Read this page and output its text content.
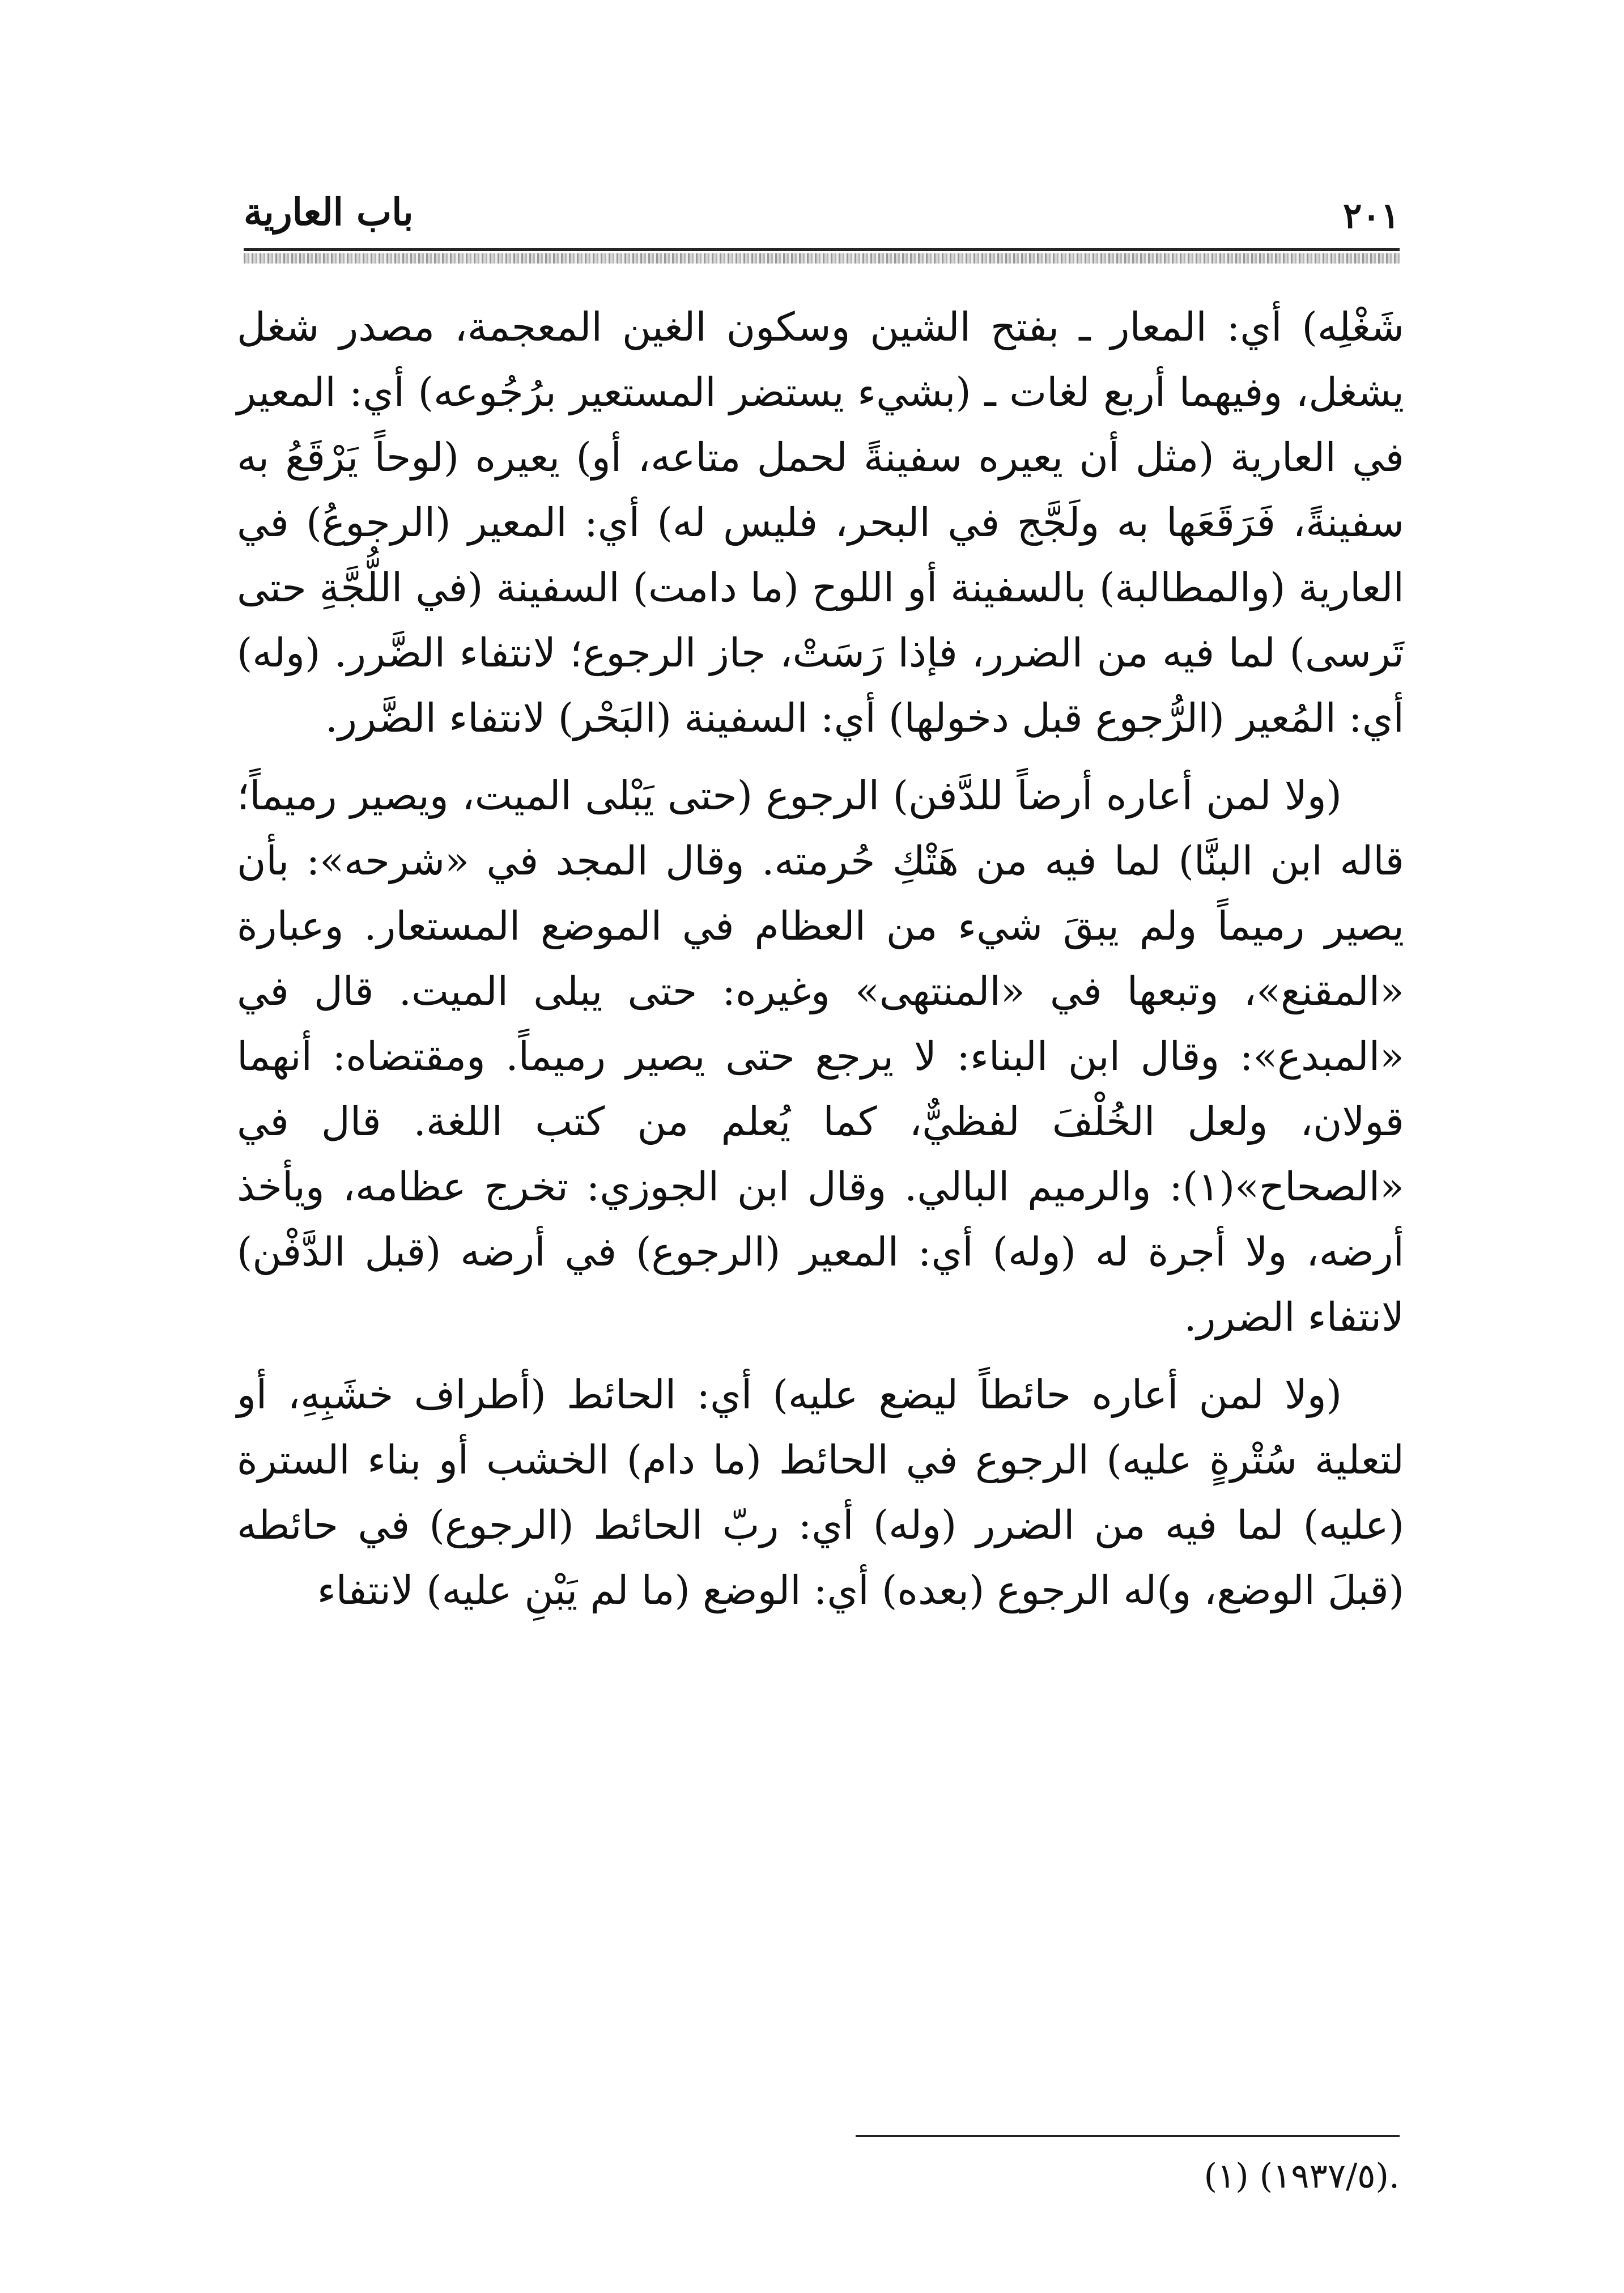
٢٠١
باب العارية

شَغْلِه) أي: المعار ـ بفتح الشين وسكون الغين المعجمة، مصدر شغل يشغل، وفيهما أربع لغات ـ (بشيء يستضر المستعير برُجُوعه) أي: المعير في العارية (مثل أن يعيره سفينةً لحمل متاعه، أو) يعيره (لوحاً يَرْقَعُ به سفينةً، فَرَقَعَها به ولَجَّج في البحر، فليس له) أي: المعير (الرجوعُ) في العارية (والمطالبة) بالسفينة أو اللوح (ما دامت) السفينة (في اللُّجَّةِ حتى تَرسى) لما فيه من الضرر، فإذا رَسَتْ، جاز الرجوع؛ لانتفاء الضَّرر. (وله) أي: المُعير (الرُّجوع قبل دخولها) أي: السفينة (البَحْر) لانتفاء الضَّرر.

(ولا لمن أعاره أرضاً للدَّفن) الرجوع (حتى يَبْلى الميت، ويصير رميماً؛ قاله ابن البنَّا) لما فيه من هَتْكِ حُرمته. وقال المجد في «شرحه»: بأن يصير رميماً ولم يبقَ شيء من العظام في الموضع المستعار. وعبارة «المقنع»، وتبعها في «المنتهى» وغيره: حتى يبلى الميت. قال في «المبدع»: وقال ابن البناء: لا يرجع حتى يصير رميماً. ومقتضاه: أنهما قولان، ولعل الخُلْفَ لفظيٌّ، كما يُعلم من كتب اللغة. قال في «الصحاح»(١): والرميم البالي. وقال ابن الجوزي: تخرج عظامه، ويأخذ أرضه، ولا أجرة له (وله) أي: المعير (الرجوع) في أرضه (قبل الدَّفْن) لانتفاء الضرر.

(ولا لمن أعاره حائطاً ليضع عليه) أي: الحائط (أطراف خشَبِهِ، أو لتعلية سُتْرةٍ عليه) الرجوع في الحائط (ما دام) الخشب أو بناء السترة (عليه) لما فيه من الضرر (وله) أي: ربّ الحائط (الرجوع) في حائطه (قبلَ الوضع، و)له الرجوع (بعده) أي: الوضع (ما لم يَبْنِ عليه) لانتفاء

.(١٩٣٧/٥) (١)
